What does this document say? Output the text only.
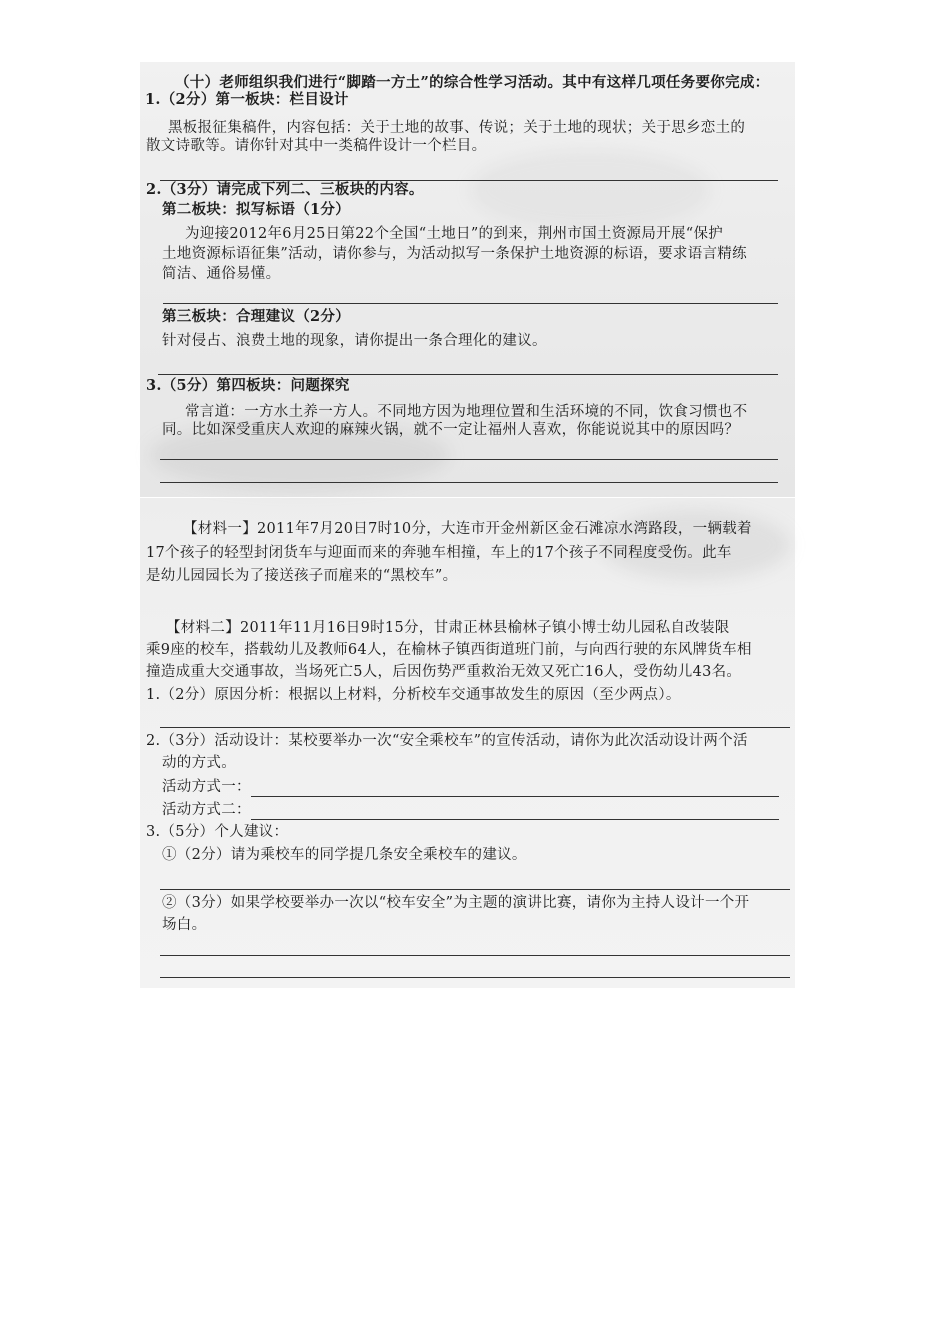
（十）老师组织我们进行“脚踏一方土”的综合性学习活动。其中有这样几项任务要你完成：
1.（2分）第一板块：栏目设计
黑板报征集稿件，内容包括：关于土地的故事、传说；关于土地的现状；关于思乡恋土的
散文诗歌等。请你针对其中一类稿件设计一个栏目。
2.（3分）请完成下列二、三板块的内容。
第二板块：拟写标语（1分）
为迎接2012年6月25日第22个全国“土地日”的到来，荆州市国土资源局开展“保护
土地资源标语征集”活动，请你参与，为活动拟写一条保护土地资源的标语，要求语言精练
简洁、通俗易懂。
第三板块：合理建议（2分）
针对侵占、浪费土地的现象，请你提出一条合理化的建议。
3.（5分）第四板块：问题探究
常言道：一方水土养一方人。不同地方因为地理位置和生活环境的不同，饮食习惯也不
同。比如深受重庆人欢迎的麻辣火锅，就不一定让福州人喜欢，你能说说其中的原因吗？
【材料一】2011年7月20日7时10分，大连市开金州新区金石滩凉水湾路段，一辆载着
17个孩子的轻型封闭货车与迎面而来的奔驰车相撞，车上的17个孩子不同程度受伤。此车
是幼儿园园长为了接送孩子而雇来的“黑校车”。
【材料二】2011年11月16日9时15分，甘肃正林县榆林子镇小博士幼儿园私自改装限
乘9座的校车，搭载幼儿及教师64人，在榆林子镇西街道班门前，与向西行驶的东风牌货车相
撞造成重大交通事故，当场死亡5人，后因伤势严重救治无效又死亡16人，受伤幼儿43名。
1.（2分）原因分析：根据以上材料，分析校车交通事故发生的原因（至少两点）。
2.（3分）活动设计：某校要举办一次“安全乘校车”的宣传活动，请你为此次活动设计两个活
动的方式。
活动方式一：
活动方式二：
3.（5分）个人建议：
①（2分）请为乘校车的同学提几条安全乘校车的建议。
②（3分）如果学校要举办一次以“校车安全”为主题的演讲比赛，请你为主持人设计一个开
场白。
